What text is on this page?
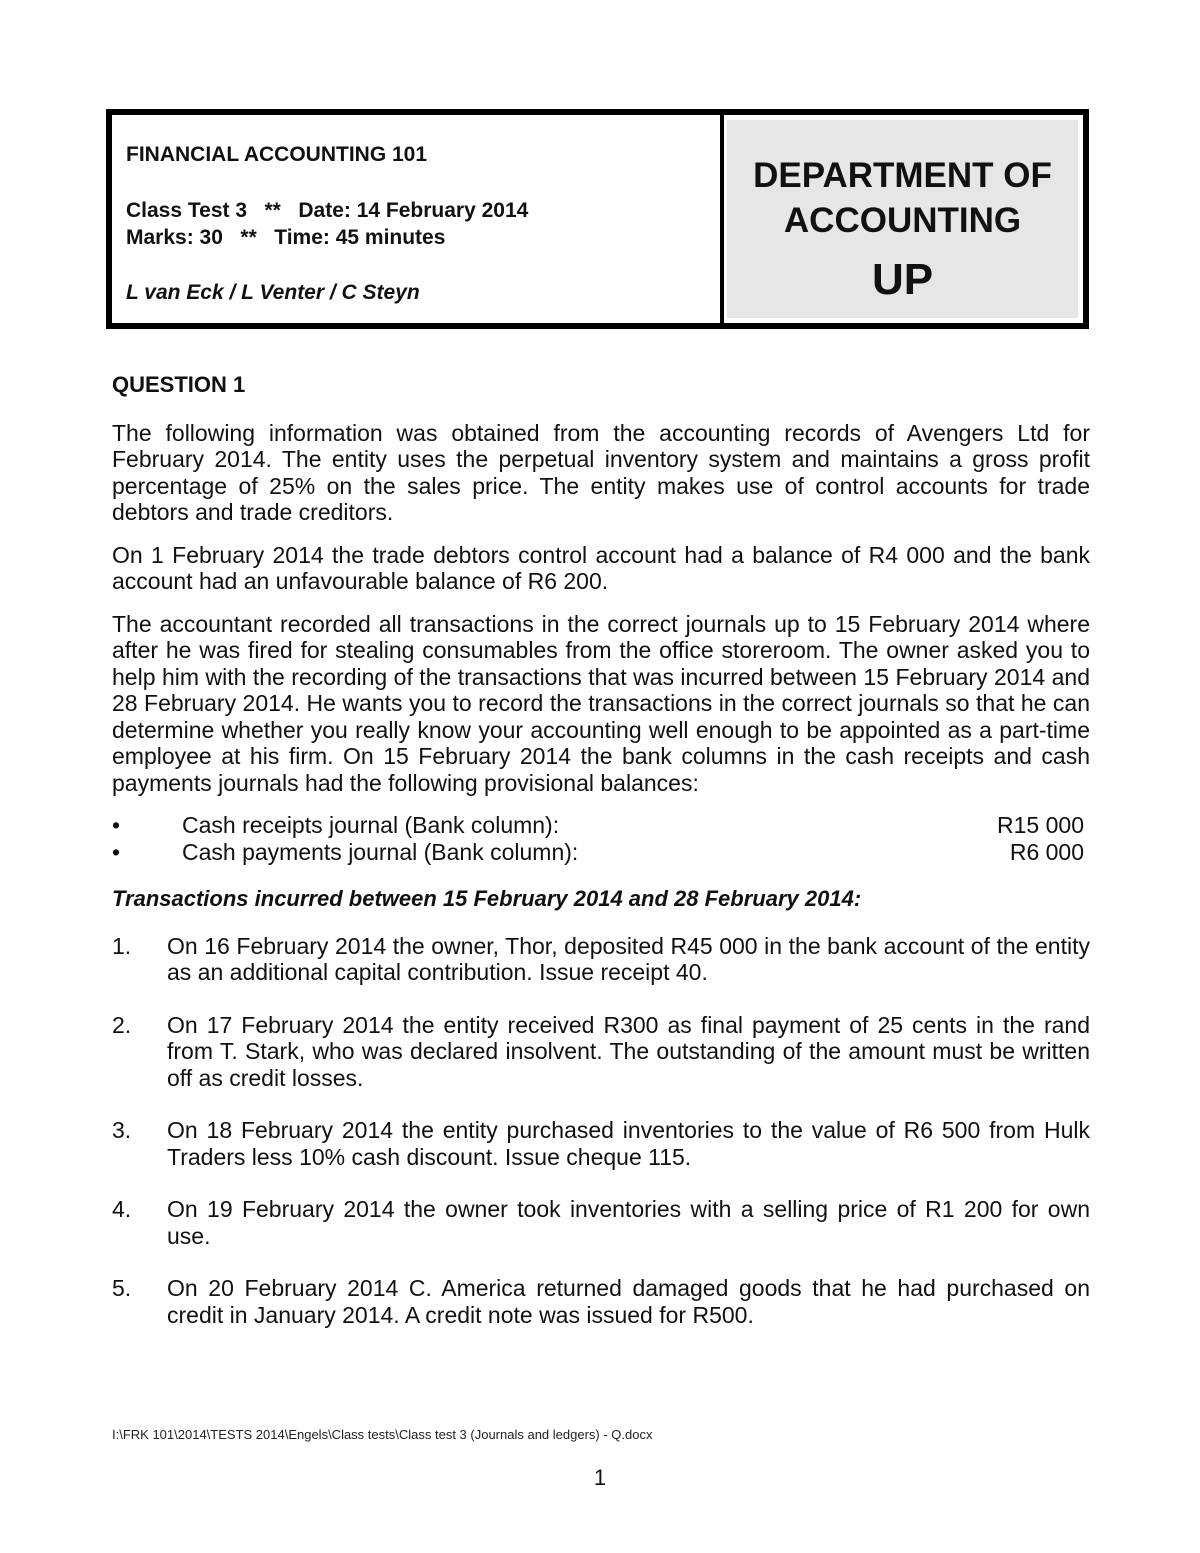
FINANCIAL ACCOUNTING 101

Class Test 3   **   Date: 14 February 2014

Marks: 30   **   Time: 45 minutes

L van Eck / L Venter / C Steyn

DEPARTMENT OF
ACCOUNTING
UP

QUESTION 1

The following information was obtained from the accounting records of Avengers Ltd for February 2014. The entity uses the perpetual inventory system and maintains a gross profit percentage of 25% on the sales price. The entity makes use of control accounts for trade debtors and trade creditors.

On 1 February 2014 the trade debtors control account had a balance of R4 000 and the bank account had an unfavourable balance of R6 200.

The accountant recorded all transactions in the correct journals up to 15 February 2014 where after he was fired for stealing consumables from the office storeroom. The owner asked you to help him with the recording of the transactions that was incurred between 15 February 2014 and 28 February 2014. He wants you to record the transactions in the correct journals so that he can determine whether you really know your accounting well enough to be appointed as a part-time employee at his firm. On 15 February 2014 the bank columns in the cash receipts and cash payments journals had the following provisional balances:

•	Cash receipts journal (Bank column):	R15 000
•	Cash payments journal (Bank column):	R6 000

Transactions incurred between 15 February 2014 and 28 February 2014:

1. On 16 February 2014 the owner, Thor, deposited R45 000 in the bank account of the entity as an additional capital contribution. Issue receipt 40.
2. On 17 February 2014 the entity received R300 as final payment of 25 cents in the rand from T. Stark, who was declared insolvent. The outstanding of the amount must be written off as credit losses.
3. On 18 February 2014 the entity purchased inventories to the value of R6 500 from Hulk Traders less 10% cash discount. Issue cheque 115.
4. On 19 February 2014 the owner took inventories with a selling price of R1 200 for own use.
5. On 20 February 2014 C. America returned damaged goods that he had purchased on credit in January 2014. A credit note was issued for R500.
I:\FRK 101\2014\TESTS 2014\Engels\Class tests\Class test 3 (Journals and ledgers) - Q.docx
1
